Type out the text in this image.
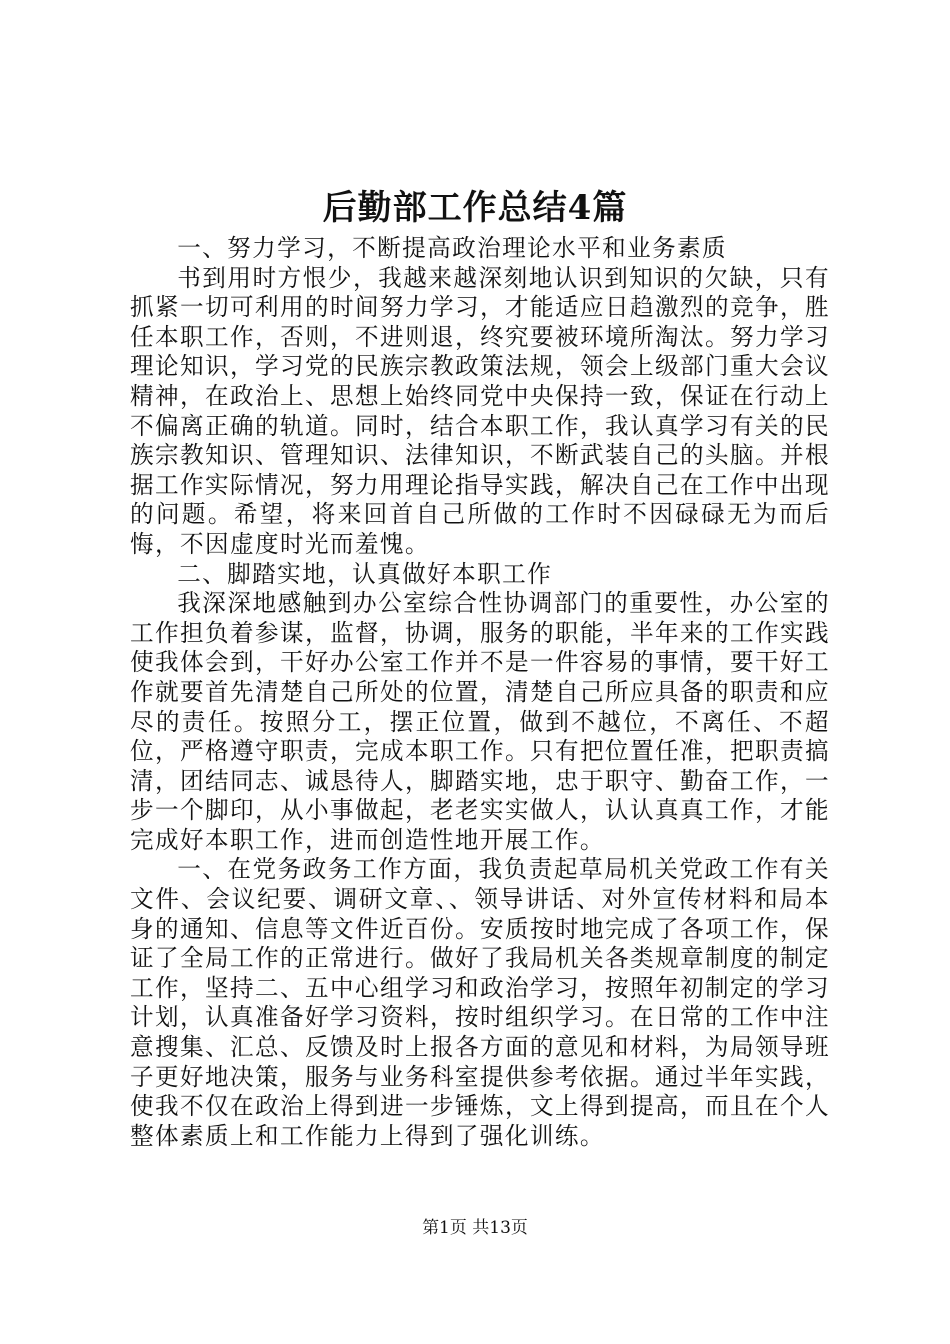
后勤部工作总结4篇

一、努力学习，不断提高政治理论水平和业务素质

书到用时方恨少，我越来越深刻地认识到知识的欠缺，只有抓紧一切可利用的时间努力学习，才能适应日趋激烈的竞争，胜任本职工作，否则，不进则退，终究要被环境所淘汰。努力学习理论知识，学习党的民族宗教政策法规，领会上级部门重大会议精神，在政治上、思想上始终同党中央保持一致，保证在行动上不偏离正确的轨道。同时，结合本职工作，我认真学习有关的民族宗教知识、管理知识、法律知识，不断武装自己的头脑。并根据工作实际情况，努力用理论指导实践，解决自己在工作中出现的问题。希望，将来回首自己所做的工作时不因碌碌无为而后悔，不因虚度时光而羞愧。

二、脚踏实地，认真做好本职工作

我深深地感触到办公室综合性协调部门的重要性，办公室的工作担负着参谋，监督，协调，服务的职能，半年来的工作实践使我体会到，干好办公室工作并不是一件容易的事情，要干好工作就要首先清楚自己所处的位置，清楚自己所应具备的职责和应尽的责任。按照分工，摆正位置，做到不越位，不离任、不超位，严格遵守职责，完成本职工作。只有把位置任准，把职责搞清，团结同志、诚恳待人，脚踏实地，忠于职守、勤奋工作，一步一个脚印，从小事做起，老老实实做人，认认真真工作，才能完成好本职工作，进而创造性地开展工作。

一、在党务政务工作方面，我负责起草局机关党政工作有关文件、会议纪要、调研文章、、领导讲话、对外宣传材料和局本身的通知、信息等文件近百份。安质按时地完成了各项工作，保证了全局工作的正常进行。做好了我局机关各类规章制度的制定工作，坚持二、五中心组学习和政治学习，按照年初制定的学习计划，认真准备好学习资料，按时组织学习。在日常的工作中注意搜集、汇总、反馈及时上报各方面的意见和材料，为局领导班子更好地决策，服务与业务科室提供参考依据。通过半年实践，使我不仅在政治上得到进一步锤炼，文上得到提高，而且在个人整体素质上和工作能力上得到了强化训练。

第1页 共13页
